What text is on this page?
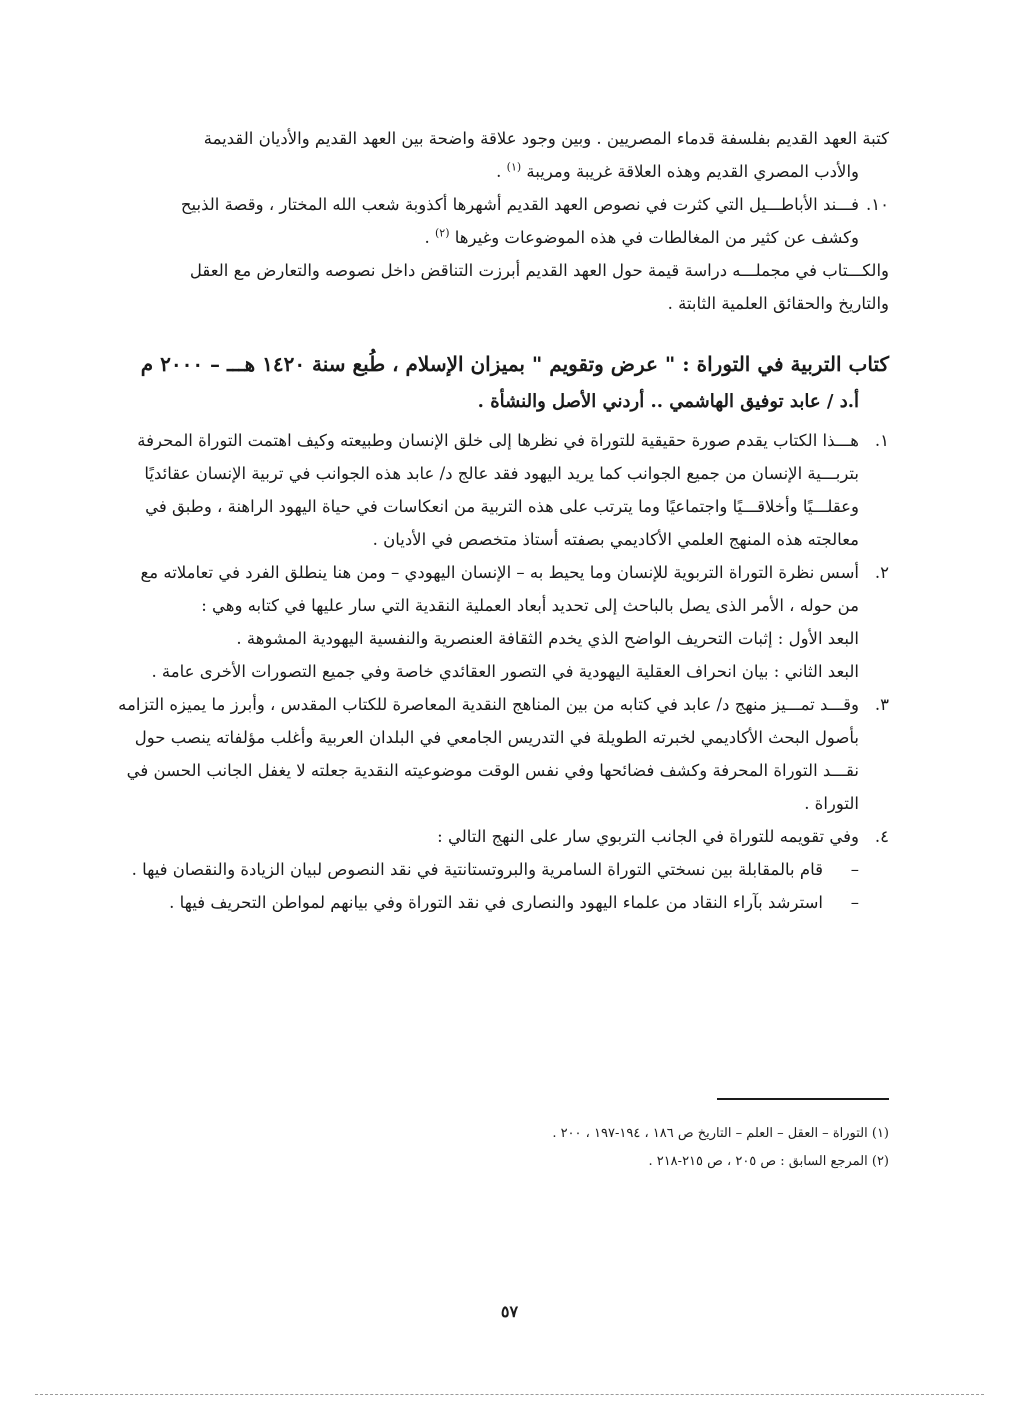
كتبة العهد القديم بفلسفة قدماء المصريين . وبين وجود علاقة واضحة بين العهد القديم والأديان القديمة

والأدب المصري القديم وهذه العلاقة غريبة ومريبة $^{(١)}$ .

١٠.

فـــند الأباطـــيل التي كثرت في نصوص العهد القديم أشهرها أكذوبة شعب الله المختار ، وقصة الذبيح

وكشف عن كثير من المغالطات في هذه الموضوعات وغيرها $^{(٢)}$ .

والكـــتاب في مجملـــه دراسة قيمة حول العهد القديم أبرزت التناقض داخل نصوصه والتعارض مع العقل

والتاريخ والحقائق العلمية الثابتة .

كتاب التربية في التوراة : " عرض وتقويم " بميزان الإسلام ، طُبع سنة ١٤٢٠ هـــ – ٢٠٠٠ م

أ.د / عابد توفيق الهاشمي .. أردني الأصل والنشأة .

١.

هـــذا الكتاب يقدم صورة حقيقية للتوراة في نظرها إلى خلق الإنسان وطبيعته وكيف اهتمت التوراة المحرفة

بتربـــية الإنسان من جميع الجوانب كما يريد اليهود فقد عالج د/ عابد هذه الجوانب في تربية الإنسان عقائديًا

وعقلـــيًا وأخلاقـــيًا واجتماعيًا وما يترتب على هذه التربية من انعكاسات في حياة اليهود الراهنة ، وطبق في

معالجته هذه المنهج العلمي الأكاديمي بصفته أستاذ متخصص في الأديان .

٢.

أسس نظرة التوراة التربوية للإنسان وما يحيط به – الإنسان اليهودي – ومن هنا ينطلق الفرد في تعاملاته مع

من حوله ، الأمر الذى يصل بالباحث إلى تحديد أبعاد العملية النقدية التي سار عليها في كتابه وهي :

البعد الأول : إثبات التحريف الواضح الذي يخدم الثقافة العنصرية والنفسية اليهودية المشوهة .

البعد الثاني : بيان انحراف العقلية اليهودية في التصور العقائدي خاصة وفي جميع التصورات الأخرى عامة .

٣.

وقـــد تمـــيز منهج د/ عابد في كتابه من بين المناهج النقدية المعاصرة للكتاب المقدس ، وأبرز ما يميزه التزامه

بأصول البحث الأكاديمي لخبرته الطويلة في التدريس الجامعي في البلدان العربية وأغلب مؤلفاته ينصب حول

نقـــد التوراة المحرفة وكشف فضائحها وفي نفس الوقت موضوعيته النقدية جعلته لا يغفل الجانب الحسن في

التوراة .

٤.

وفي تقويمه للتوراة في الجانب التربوي سار على النهج التالي :

–

قام بالمقابلة بين نسختي التوراة السامرية والبروتستانتية في نقد النصوص لبيان الزيادة والنقصان فيها .

–

استرشد بآراء النقاد من علماء اليهود والنصارى في نقد التوراة وفي بيانهم لمواطن التحريف فيها .

(١) التوراة – العقل – العلم – التاريخ ص ١٨٦ ، ١٩٤-١٩٧ ، ٢٠٠ .
(٢) المرجع السابق : ص ٢٠٥ ، ص ٢١٥-٢١٨ .
٥٧
